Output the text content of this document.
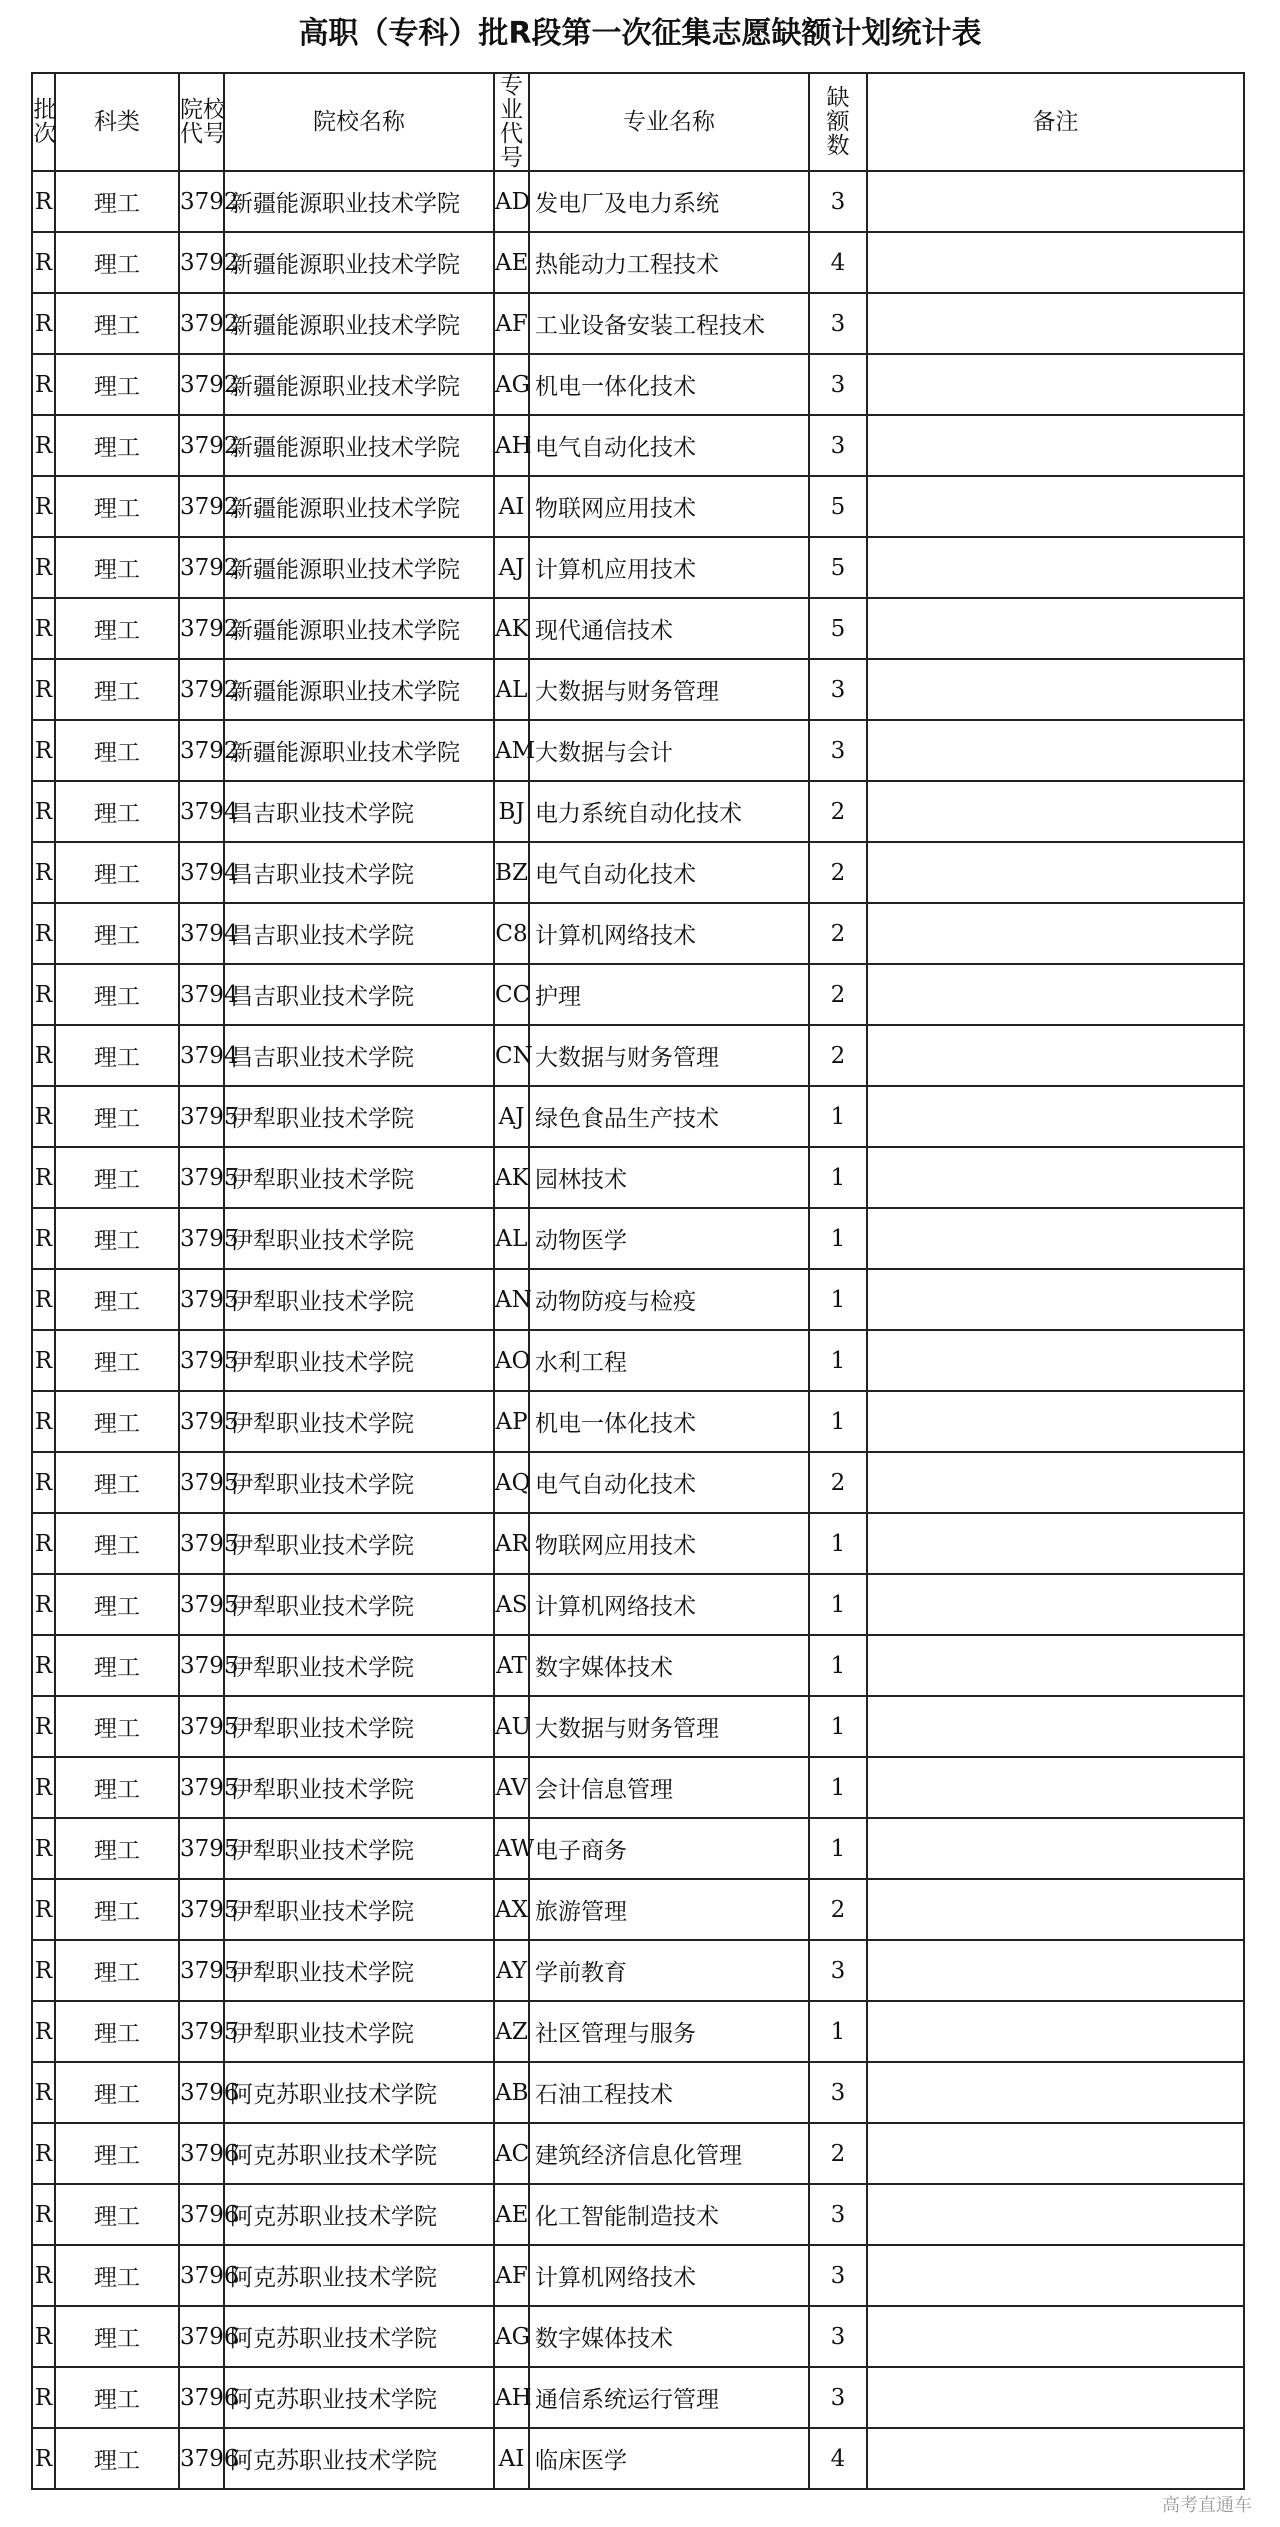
高职（专科）批R段第一次征集志愿缺额计划统计表
批次	科类	院校代号	院校名称	专业代号	专业名称	缺额数	备注
R	理工	3792	新疆能源职业技术学院	AD	发电厂及电力系统	3	
R	理工	3792	新疆能源职业技术学院	AE	热能动力工程技术	4	
R	理工	3792	新疆能源职业技术学院	AF	工业设备安装工程技术	3	
R	理工	3792	新疆能源职业技术学院	AG	机电一体化技术	3	
R	理工	3792	新疆能源职业技术学院	AH	电气自动化技术	3	
R	理工	3792	新疆能源职业技术学院	AI	物联网应用技术	5	
R	理工	3792	新疆能源职业技术学院	AJ	计算机应用技术	5	
R	理工	3792	新疆能源职业技术学院	AK	现代通信技术	5	
R	理工	3792	新疆能源职业技术学院	AL	大数据与财务管理	3	
R	理工	3792	新疆能源职业技术学院	AM	大数据与会计	3	
R	理工	3794	昌吉职业技术学院	BJ	电力系统自动化技术	2	
R	理工	3794	昌吉职业技术学院	BZ	电气自动化技术	2	
R	理工	3794	昌吉职业技术学院	C8	计算机网络技术	2	
R	理工	3794	昌吉职业技术学院	CC	护理	2	
R	理工	3794	昌吉职业技术学院	CN	大数据与财务管理	2	
R	理工	3795	伊犁职业技术学院	AJ	绿色食品生产技术	1	
R	理工	3795	伊犁职业技术学院	AK	园林技术	1	
R	理工	3795	伊犁职业技术学院	AL	动物医学	1	
R	理工	3795	伊犁职业技术学院	AN	动物防疫与检疫	1	
R	理工	3795	伊犁职业技术学院	AO	水利工程	1	
R	理工	3795	伊犁职业技术学院	AP	机电一体化技术	1	
R	理工	3795	伊犁职业技术学院	AQ	电气自动化技术	2	
R	理工	3795	伊犁职业技术学院	AR	物联网应用技术	1	
R	理工	3795	伊犁职业技术学院	AS	计算机网络技术	1	
R	理工	3795	伊犁职业技术学院	AT	数字媒体技术	1	
R	理工	3795	伊犁职业技术学院	AU	大数据与财务管理	1	
R	理工	3795	伊犁职业技术学院	AV	会计信息管理	1	
R	理工	3795	伊犁职业技术学院	AW	电子商务	1	
R	理工	3795	伊犁职业技术学院	AX	旅游管理	2	
R	理工	3795	伊犁职业技术学院	AY	学前教育	3	
R	理工	3795	伊犁职业技术学院	AZ	社区管理与服务	1	
R	理工	3796	阿克苏职业技术学院	AB	石油工程技术	3	
R	理工	3796	阿克苏职业技术学院	AC	建筑经济信息化管理	2	
R	理工	3796	阿克苏职业技术学院	AE	化工智能制造技术	3	
R	理工	3796	阿克苏职业技术学院	AF	计算机网络技术	3	
R	理工	3796	阿克苏职业技术学院	AG	数字媒体技术	3	
R	理工	3796	阿克苏职业技术学院	AH	通信系统运行管理	3	
R	理工	3796	阿克苏职业技术学院	AI	临床医学	4	
高考直通车
